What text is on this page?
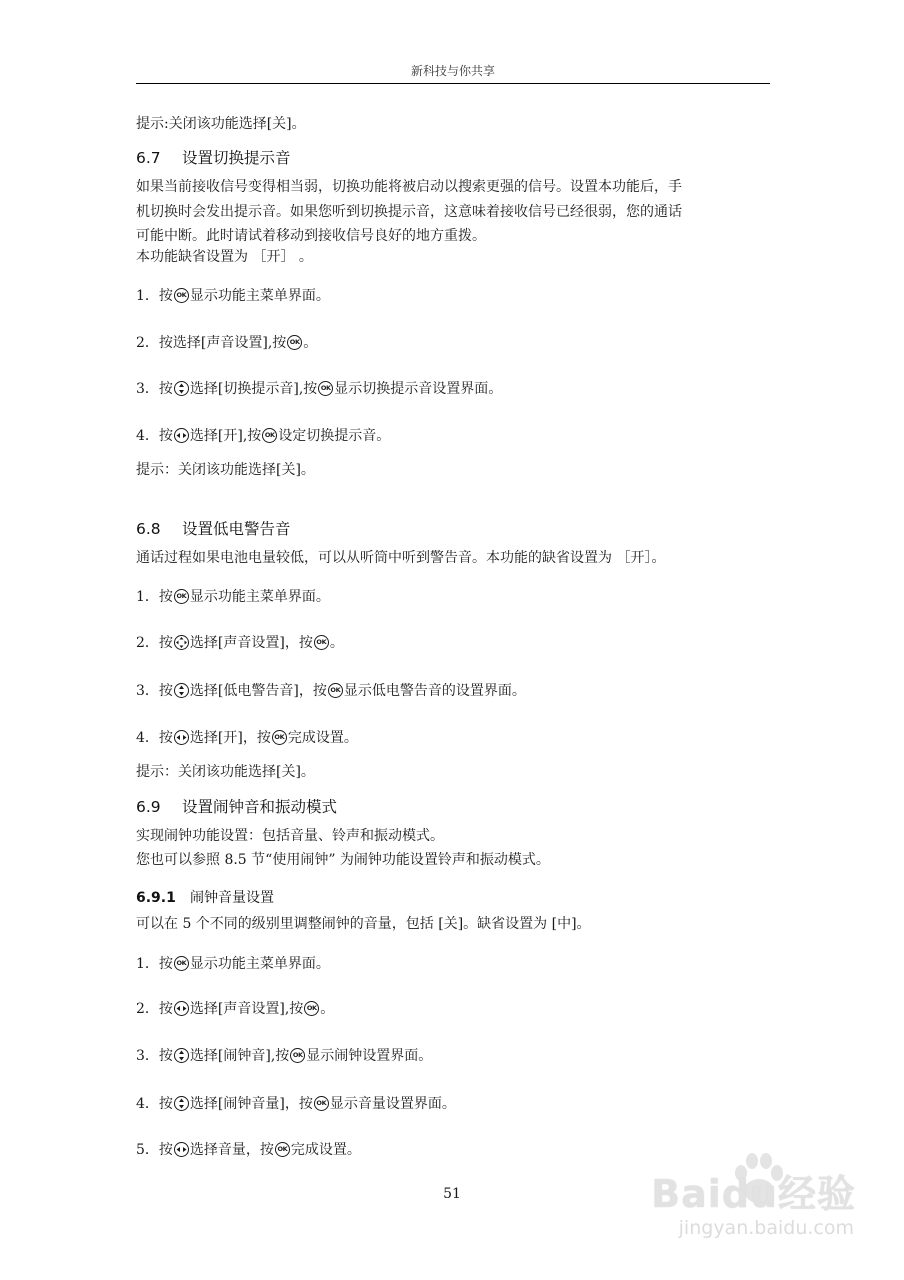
新科技与你共享
提示:关闭该功能选择[关]。
6.7 设置切换提示音
如果当前接收信号变得相当弱，切换功能将被启动以搜索更强的信号。设置本功能后，手
机切换时会发出提示音。如果您听到切换提示音，这意味着接收信号已经很弱，您的通话
可能中断。此时请试着移动到接收信号良好的地方重拨。
本功能缺省设置为 ［开］ 。
1．按 OK 显示功能主菜单界面。
2．按选择[声音设置],按 OK 。
3．按 选择[切换提示音],按 OK 显示切换提示音设置界面。
4．按 选择[开],按 OK 设定切换提示音。
提示：关闭该功能选择[关]。
6.8 设置低电警告音
通话过程如果电池电量较低，可以从听筒中听到警告音。本功能的缺省设置为 ［开］。
1．按 OK 显示功能主菜单界面。
2．按 选择[声音设置]，按 OK 。
3．按 选择[低电警告音]，按 OK 显示低电警告音的设置界面。
4．按 选择[开]，按 OK 完成设置。
提示：关闭该功能选择[关]。
6.9 设置闹钟音和振动模式
实现闹钟功能设置：包括音量、铃声和振动模式。
您也可以参照 8.5 节“使用闹钟” 为闹钟功能设置铃声和振动模式。
6.9.1 闹钟音量设置
可以在 5 个不同的级别里调整闹钟的音量，包括 [关]。缺省设置为 [中]。
1．按 OK 显示功能主菜单界面。
2．按 选择[声音设置],按 OK 。
3．按 选择[闹钟音],按 OK 显示闹钟设置界面。
4．按 选择[闹钟音量]，按 OK 显示音量设置界面。
5．按 选择音量，按 OK 完成设置。
51	Baidu经验
jingyan.baidu.com
